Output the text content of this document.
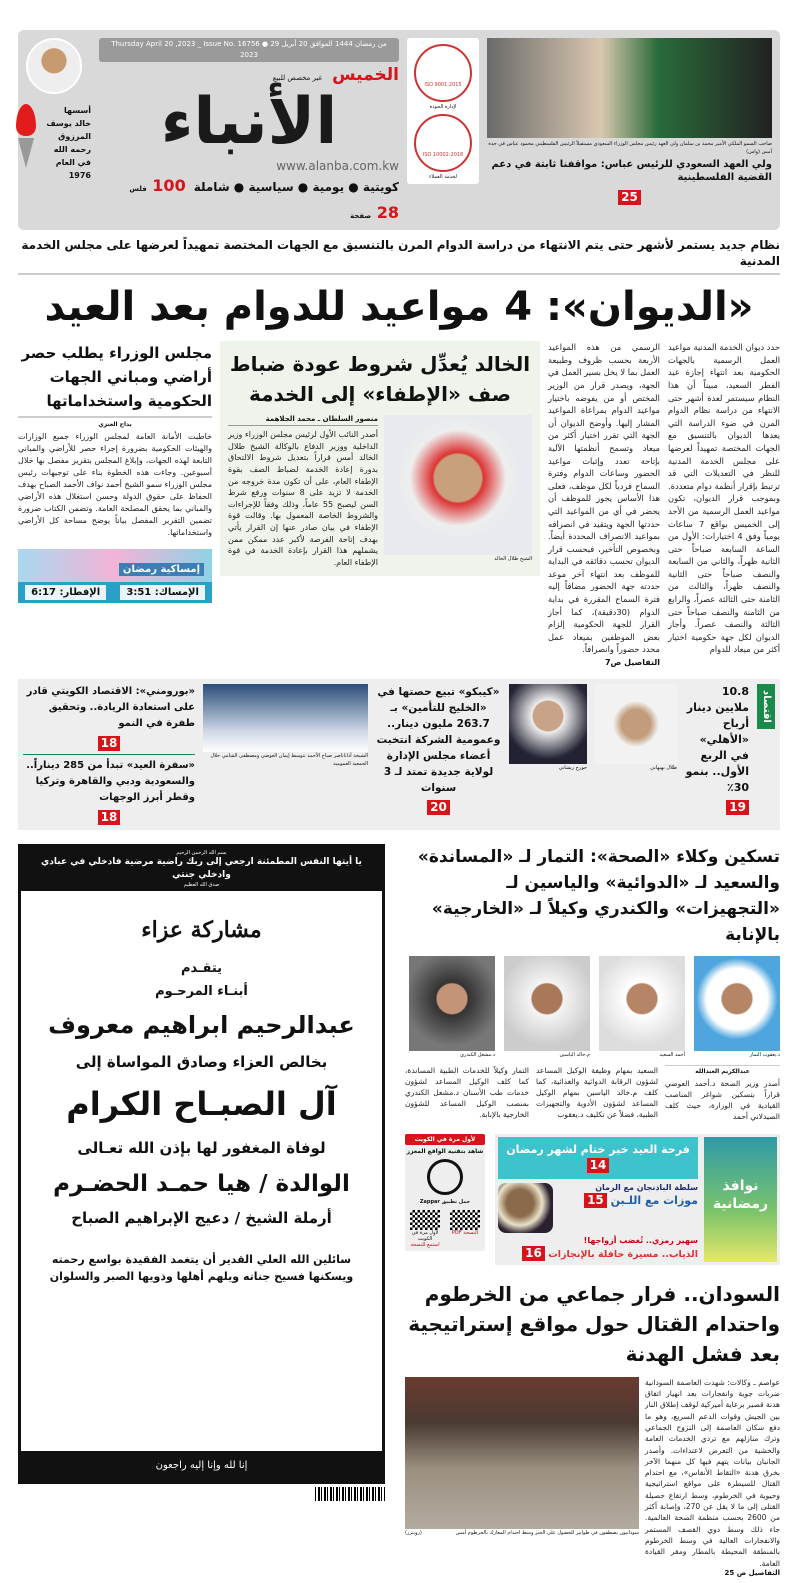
صاحب السمو الملكي الأمير محمد بن سلمان ولي العهد رئيس مجلس الوزراء السعودي مستقبلاً الرئيس الفلسطيني محمود عباس في جدة أمس (واس)
ولي العهد السعودي للرئيس عباس: مواقفنا ثابتة في دعم القضية الفلسطينية
25
ISO 9001:2015
لإدارة الجودة
ISO 10002:2018
لخدمة العملاء
Thursday April 20 ,2023 _ Issue No. 16756 ● 29 من رمضان 1444 الموافق 20 أبريل 2023
الخميس
غير مخصص للبيع
الأنباء
www.alanba.com.kw
كويتية ● يومية ● سياسية ● شاملة
100 فلس
28 صفحة
أسسها
خالد يوسف
المرزوق
رحمه الله
في العام
1976
نظام جديد يستمر لأشهر حتى يتم الانتهاء من دراسة الدوام المرن بالتنسيق مع الجهات المختصة تمهيداً لعرضها على مجلس الخدمة المدنية
«الديوان»: 4 مواعيد للدوام بعد العيد
حدد ديوان الخدمة المدنية مواعيد العمل الرسمية بالجهات الحكومية بعد انتهاء إجازة عيد الفطر السعيد، مبيناً أن هذا النظام سيستمر لعدة أشهر حتى الانتهاء من دراسة نظام الدوام المرن في ضوء الدراسة التي يعدها الديوان بالتنسيق مع الجهات المختصة تمهيداً لعرضها على مجلس الخدمة المدنية للنظر في التعديلات التي قد ترتبط بإقرار أنظمة دوام متعددة. وبموجب قرار الديوان، تكون مواعيد العمل الرسمية من الأحد إلى الخميس بواقع 7 ساعات يومياً وفق 4 اختيارات: الأول من الساعة السابعة صباحاً حتى الثانية ظهراً، والثاني من السابعة والنصف صباحاً حتى الثانية والنصف ظهراً، والثالث من الثامنة حتى الثالثة عصراً، والرابع من الثامنة والنصف صباحاً حتى الثالثة والنصف عصراً. وأجاز الديوان لكل جهة حكومية اختيار أكثر من ميعاد للدوام
الرسمي من هذه المواعيد الأربعة بحسب ظروف وطبيعة العمل بما لا يخل بسير العمل في الجهة، ويصدر قرار من الوزير المختص أو من يفوضه باختيار مواعيد الدوام بمراعاة المواعيد المشار إليها. وأوضح الديوان أن الجهة التي تقرر اختيار أكثر من ميعاد وتسمح أنظمتها الآلية بإتاحة تعدد وإثبات مواعيد الحضور وساعات الدوام وفترة السماح فردياً لكل موظف، فعلى هذا الأساس يجوز للموظف أن يحضر في أي من المواعيد التي حددتها الجهة ويتقيد في انصرافه بمواعيد الانصراف المحددة أيضاً. وبخصوص التأخير، فبحسب قرار الديوان تحسب دقائقه في البداية للموظف بعد انتهاء آخر موعد حددته جهة الحضور مضافاً إليه فترة السماح المقررة في بداية الدوام (30دقيقة)، كما أجاز القرار للجهة الحكومية إلزام بعض الموظفين بميعاد عمل محدد حضوراً وانصرافاً.
التفاصيل ص7
الخالد يُعدِّل شروط عودة ضباط صف «الإطفاء» إلى الخدمة
الشيخ طلال الخالد
منصور السلطان ـ محمد الجلاهمة
أصدر النائب الأول لرئيس مجلس الوزراء وزير الداخلية ووزير الدفاع بالوكالة الشيخ طلال الخالد أمس قراراً بتعديل شروط الالتحاق بدورة إعادة الخدمة لضباط الصف بقوة الإطفاء العام، على أن تكون مدة خروجه من الخدمة لا تزيد على 8 سنوات ورفع شرط السن ليصبح 55 عاماً، وذلك وفقاً للإجراءات والشروط الخاصة المعمول بها. وقالت قوة الإطفاء في بيان صادر عنها إن القرار يأتي بهدف إتاحة الفرصة لأكبر عدد ممكن ممن يشملهم هذا القرار بإعادة الخدمة في قوة الإطفاء العام.
مجلس الوزراء يطلب حصر أراضي ومباني الجهات الحكومية واستخداماتها
بداح العنزي
خاطبت الأمانة العامة لمجلس الوزراء جميع الوزارات والهيئات الحكومية بضرورة إجراء حصر للأراضي والمباني التابعة لهذه الجهات، وإبلاغ المجلس بتقرير مفصل بها خلال أسبوعين. وجاءت هذه الخطوة بناء على توجيهات رئيس مجلس الوزراء سمو الشيخ أحمد نواف الأحمد الصباح بهدف الحفاظ على حقوق الدولة وحسن استغلال هذه الأراضي والمباني بما يحقق المصلحة العامة. وتضمن الكتاب ضرورة تضمين التقرير المفصل بياناً يوضح مساحة كل الأراضي واستخداماتها.
إمساكية رمضان
الإمساك: 3:51
الإفطار: 6:17
اقتصاد
10.8 ملايين دينار أرباح «الأهلي» في الربع الأول.. بنمو 30٪
19
طلال بهبهاني
جورج ريشاني
«كيبكو» تبيع حصتها في «الخليج للتأمين» بـ 263.7 مليون دينار.. وعمومية الشركة انتخبت أعضاء مجلس الإدارة لولاية جديدة تمتد لـ 3 سنوات
20
الشيخة أداناناصر صباح الأحمد تتوسط إيمان العوضي ومصطفى الشامي خلال الجمعية العمومية
«بورومني»: الاقتصاد الكويتي قادر على استعادة الريادة.. وتحقيق طفرة في النمو
18
«سفرة العيد» تبدأ من 285 ديناراً.. والسعودية ودبي والقاهرة وتركيا وقطر أبرز الوجهات
18
تسكين وكلاء «الصحة»: التمار لـ «المساندة» والسعيد لـ «الدوائية» والياسين لـ «التجهيزات» والكندري وكيلاً لـ «الخارجية» بالإنابة
د.يعقوب التمار
أحمد السعيد
م.خالد الياسين
د.مشعل الكندري
عبدالكريم العبدالله
أصدر وزير الصحة د.أحمد العوضي قراراً بتسكين شواغر المناصب القيادية في الوزارة، حيث كلف الصيدلاني أحمد
السعيد بمهام وظيفة الوكيل المساعد لشؤون الرقابة الدوائية والغذائية، كما كلف م.خالد الياسين بمهام الوكيل المساعد لشؤون الأدوية والتجهيزات الطبية، فضلاً عن تكليف د.يعقوب
التمار وكيلاً للخدمات الطبية المساندة، كما كلف الوكيل المساعد لشؤون خدمات طب الأسنان د.مشعل الكندري بمنصب الوكيل المساعد للشؤون الخارجية بالإنابة.
نوافذ رمضانية
فرحة العيد خير ختام لشهر رمضان 14
سلطة الباذنجان مع الرمان
موزات مع اللـبن 15
سهير رمزي.. تُغضب أزواجها!
الذياب.. مسيرة حافلة بالإنجازات 16
لأول مرة في الكويت
شاهد بتقنية الواقع المعزز
حمل تطبيق Zappar
النسخة PDF
لأول مرة في الكويت
استمع للنسخة
السودان.. فرار جماعي من الخرطوم واحتدام القتال حول مواقع إستراتيجية بعد فشل الهدنة
عواصم ـ وكالات: شهدت العاصمة السودانية ضربات جوية وانفجارات بعد انهيار اتفاق هدنة قصير برعاية أميركية لوقف إطلاق النار بين الجيش وقوات الدعم السريع، وهو ما دفع سكان العاصمة إلى النزوح الجماعي وترك منازلهم مع تردي الخدمات العامة والخشية من التعرض لاعتداءات. وأصدر الجانبان بيانات يتهم فيها كل منهما الآخر بخرق هدنة «التقاط الأنفاس»، مع احتدام القتال للسيطرة على مواقع استراتيجية وحيوية في الخرطوم، وسط ارتفاع حصيلة القتلى إلى ما لا يقل عن 270، وإصابة أكثر من 2600 بحسب منظمة الصحة العالمية. جاء ذلك وسط دوي القصف المستمر والانفجارات العالية في وسط الخرطوم بالمنطقة المحيطة بالمطار ومقر القيادة العامة.
التفاصيل ص 25
سودانيون يصطفون في طوابير للحصول على الخبز وسط احتدام المعارك بالخرطوم أمس
(رويترز)
بسم الله الرحمن الرحيم
يا أيتها النفس المطمئنة ارجعي إلى ربك راضية مرضية فادخلي في عبادي وادخلي جنتي
صدق الله العظيم
مشاركة عزاء
يتقـدم
أبنـاء المرحـوم
عبدالرحيم ابراهيم معروف
بخالص العزاء وصادق المواساة إلى
آل الصبـاح الكرام
لوفاة المغفور لها بإذن الله تعـالى
الوالدة / هيا حمـد الحضـرم
أرملة الشيخ / دعيج الإبراهيم الصباح
سائلين الله العلي القدير أن يتغمد الفقيدة بواسع رحمته
ويسكنها فسيح جناته ويلهم أهلها وذويها الصبر والسلوان
إنا لله وإنا إليه راجعون
